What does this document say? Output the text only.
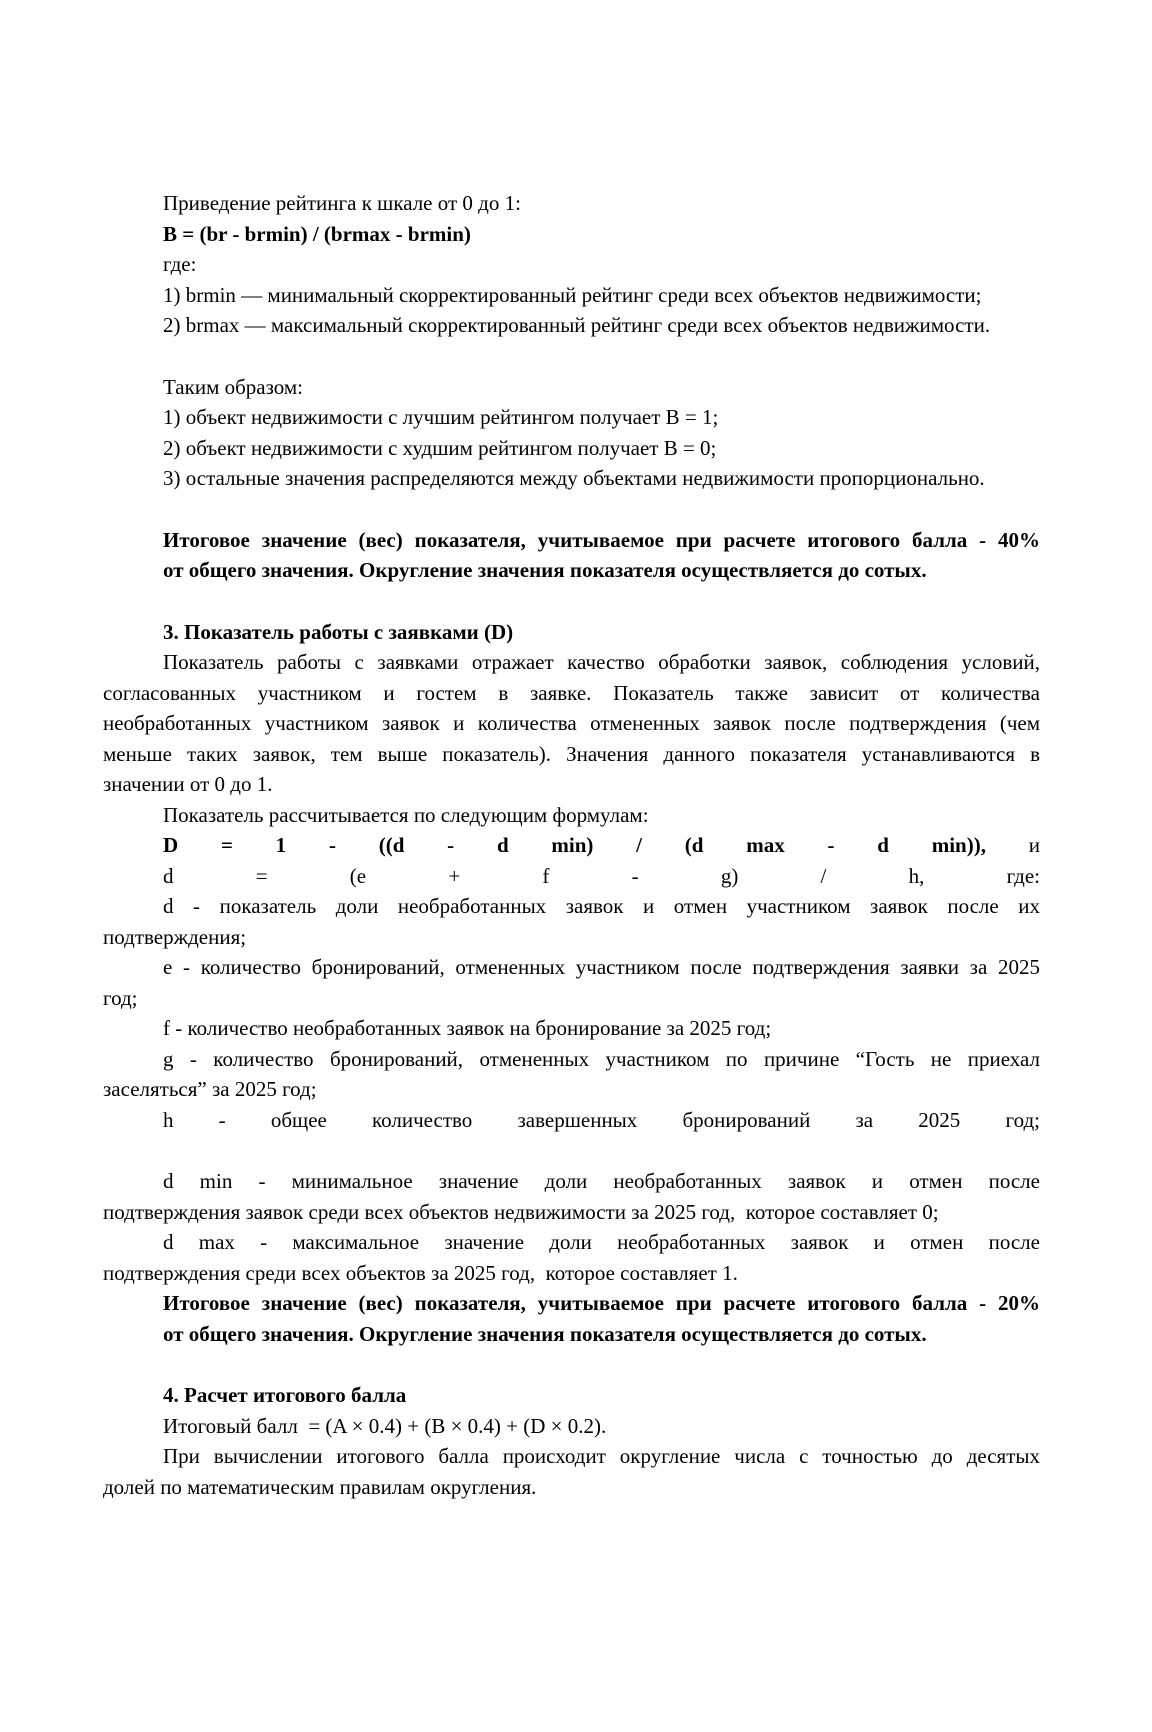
Приведение рейтинга к шкале от 0 до 1:
B = (br - brmin) / (brmax - brmin)
где:
1) brmin — минимальный скорректированный рейтинг среди всех объектов недвижимости;
2) brmax — максимальный скорректированный рейтинг среди всех объектов недвижимости.
Таким образом:
1) объект недвижимости с лучшим рейтингом получает B = 1;
2) объект недвижимости с худшим рейтингом получает B = 0;
3) остальные значения распределяются между объектами недвижимости пропорционально.
Итоговое значение (вес) показателя, учитываемое при расчете итогового балла - 40%
от общего значения. Округление значения показателя осуществляется до сотых.
3. Показатель работы с заявками (D)
Показатель работы с заявками отражает качество обработки заявок, соблюдения условий,
согласованных участником и гостем в заявке. Показатель также зависит от количества
необработанных участником заявок и количества отмененных заявок после подтверждения (чем
меньше таких заявок, тем выше показатель). Значения данного показателя устанавливаются в
значении от 0 до 1.
Показатель рассчитывается по следующим формулам:
D = 1 - ((d - d min) / (d max - d min)), и
d = (e + f - g) / h, где:
d - показатель доли необработанных заявок и отмен участником заявок после их
подтверждения;
e - количество бронирований, отмененных участником после подтверждения заявки за 2025
год;
f - количество необработанных заявок на бронирование за 2025 год;
g - количество бронирований, отмененных участником по причине “Гость не приехал
заселяться” за 2025 год;
h - общее количество завершенных бронирований за 2025 год;
d min - минимальное значение доли необработанных заявок и отмен после
подтверждения заявок среди всех объектов недвижимости за 2025 год,  которое составляет 0;
d max - максимальное значение доли необработанных заявок и отмен после
подтверждения среди всех объектов за 2025 год,  которое составляет 1.
Итоговое значение (вес) показателя, учитываемое при расчете итогового балла - 20%
от общего значения. Округление значения показателя осуществляется до сотых.
4. Расчет итогового балла
Итоговый балл  = (A × 0.4) + (B × 0.4) + (D × 0.2).
При вычислении итогового балла происходит округление числа с точностью до десятых
долей по математическим правилам округления.
